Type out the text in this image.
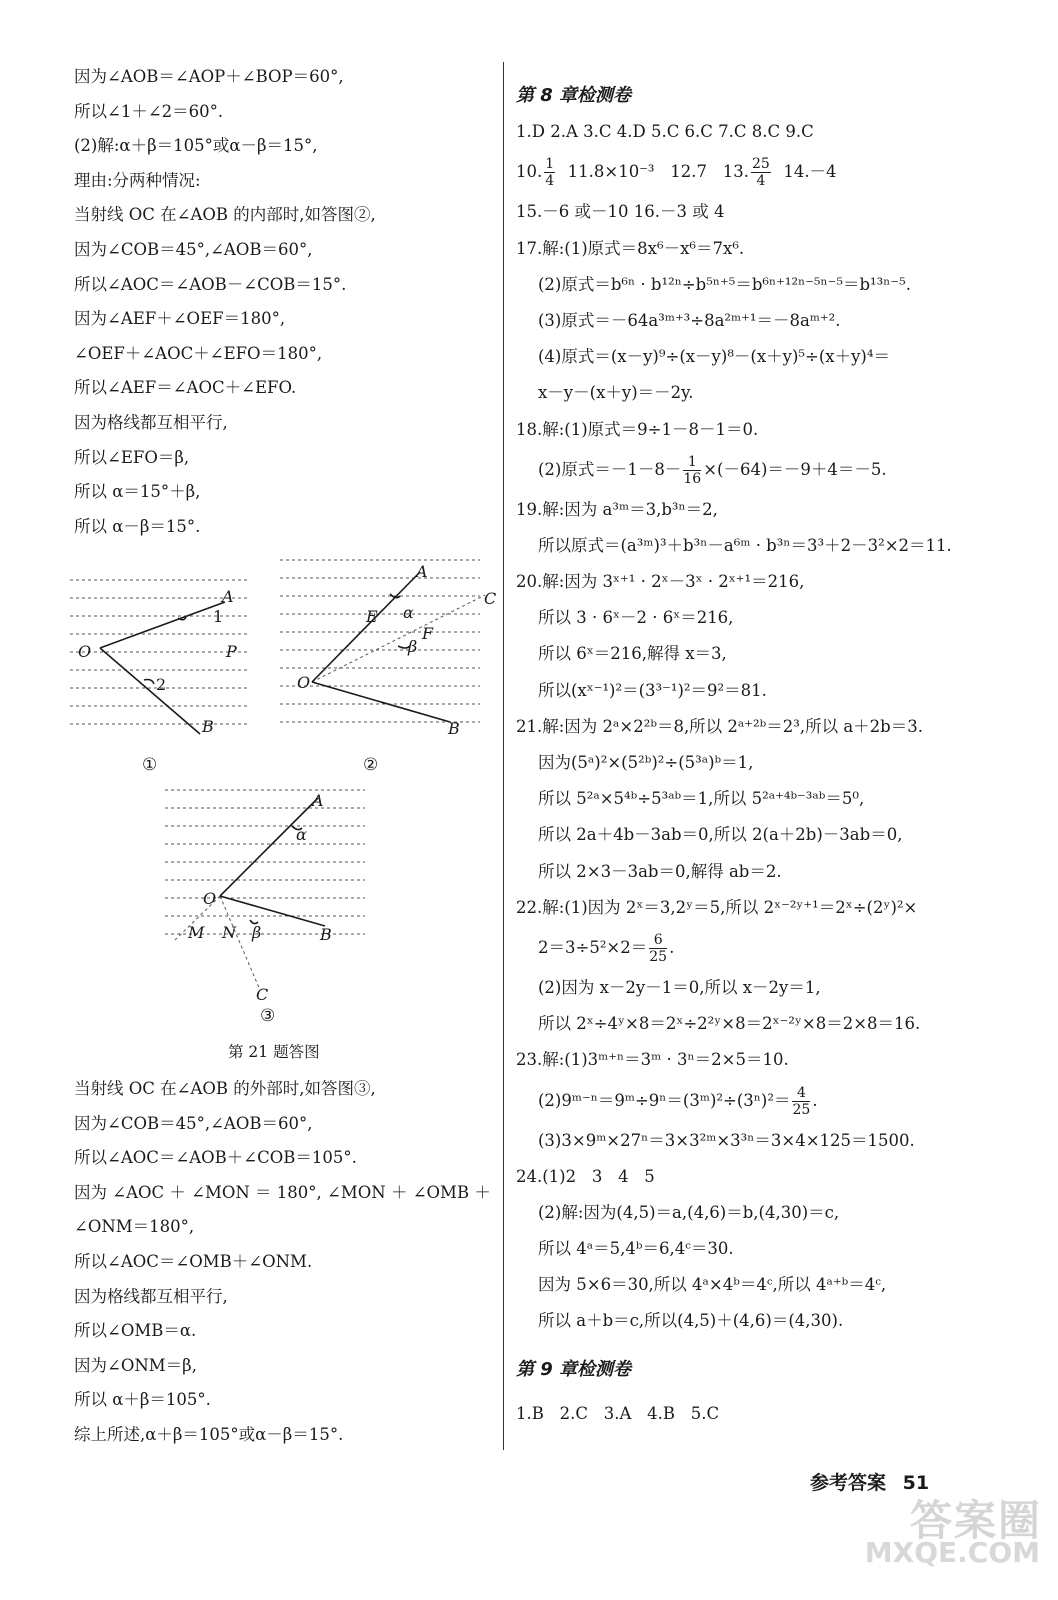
因为∠AOB＝∠AOP＋∠BOP＝60°,
所以∠1＋∠2＝60°.
(2)解:α＋β＝105°或α－β＝15°,
理由:分两种情况:
当射线 OC 在∠AOB 的内部时,如答图②,
因为∠COB＝45°,∠AOB＝60°,
所以∠AOC＝∠AOB－∠COB＝15°.
因为∠AEF＋∠OEF＝180°,
∠OEF＋∠AOC＋∠EFO＝180°,
所以∠AEF＝∠AOC＋∠EFO.
因为格线都互相平行,
所以∠EFO＝β,
所以 α＝15°＋β,
所以 α－β＝15°.
当射线 OC 在∠AOB 的外部时,如答图③,
因为∠COB＝45°,∠AOB＝60°,
所以∠AOC＝∠AOB＋∠COB＝105°.
因为 ∠AOC ＋ ∠MON ＝ 180°, ∠MON ＋ ∠OMB ＋
∠ONM＝180°,
所以∠AOC＝∠OMB＋∠ONM.
因为格线都互相平行,
所以∠OMB＝α.
因为∠ONM＝β,
所以 α＋β＝105°.
综上所述,α＋β＝105°或α－β＝15°.
A
1
O	P
2
B
A
C
E α
F
β
O
B
A
α
O
M N β	B
C
①	②
③
第 21 题答图
第 8 章检测卷
1.D 2.A 3.C 4.D 5.C 6.C 7.C 8.C 9.C
10. $\frac{1}{4} 11.8\times 10^{-3}$   12.7   13. $\frac{25}{4} 14.-4$
15.－6 或－10 16.－3 或 4
17.解:(1)原式＝8x⁶－x⁶＝7x⁶.
(2)原式＝b⁶ⁿ · b¹²ⁿ÷b⁵ⁿ⁺⁵＝b⁶ⁿ⁺¹²ⁿ⁻⁵ⁿ⁻⁵＝b¹³ⁿ⁻⁵.
(3)原式＝－64a³ᵐ⁺³÷8a²ᵐ⁺¹＝－8aᵐ⁺².
(4)原式＝(x－y)⁹÷(x－y)⁸－(x＋y)⁵÷(x＋y)⁴＝
x－y－(x＋y)＝－2y.
18.解:(1)原式＝9÷1－8－1＝0.
(2)原式$=-1-8- \frac{1}{16} \times(-64)=-9+4=-5$.
19.解:因为 a³ᵐ＝3,b³ⁿ＝2,
所以原式＝(a³ᵐ)³＋b³ⁿ－a⁶ᵐ · b³ⁿ＝3³＋2－3²×2＝11.
20.解:因为 3ˣ⁺¹ · 2ˣ－3ˣ · 2ˣ⁺¹＝216,
所以 3 · 6ˣ－2 · 6ˣ＝216,
所以 6ˣ＝216,解得 x＝3,
所以(xˣ⁻¹)²＝(3³⁻¹)²＝9²＝81.
21.解:因为 2ᵃ×2²ᵇ＝8,所以 2ᵃ⁺²ᵇ＝2³,所以 a＋2b＝3.
因为(5ᵃ)²×(5²ᵇ)²÷(5³ᵃ)ᵇ＝1,
所以 5²ᵃ×5⁴ᵇ÷5³ᵃᵇ＝1,所以 5²ᵃ⁺⁴ᵇ⁻³ᵃᵇ＝5⁰,
所以 2a＋4b－3ab＝0,所以 2(a＋2b)－3ab＝0,
所以 2×3－3ab＝0,解得 ab＝2.
22.解:(1)因为 2ˣ＝3,2ʸ＝5,所以 2ˣ⁻²ʸ⁺¹＝2ˣ÷(2ʸ)²×
$2=3\div 5^2\times 2= \frac{6}{25}$ .
(2)因为 x－2y－1＝0,所以 x－2y＝1,
所以 2ˣ÷4ʸ×8＝2ˣ÷2²ʸ×8＝2ˣ⁻²ʸ×8＝2×8＝16.
23.解:(1)3ᵐ⁺ⁿ＝3ᵐ · 3ⁿ＝2×5＝10.
(2)9ᵐ⁻ⁿ＝9ᵐ÷9ⁿ＝(3ᵐ)²÷(3ⁿ)²＝ $\frac{4}{25}$ .
(3)3×9ᵐ×27ⁿ＝3×3²ᵐ×3³ⁿ＝3×4×125＝1500.
24.(1)2   3   4   5
(2)解:因为(4,5)＝a,(4,6)＝b,(4,30)＝c,
所以 4ᵃ＝5,4ᵇ＝6,4ᶜ＝30.
因为 5×6＝30,所以 4ᵃ×4ᵇ＝4ᶜ,所以 4ᵃ⁺ᵇ＝4ᶜ,
所以 a＋b＝c,所以(4,5)＋(4,6)＝(4,30).
第 9 章检测卷
1.B   2.C   3.A   4.B   5.C
参考答案 51
答案圈
MXQE.COM
